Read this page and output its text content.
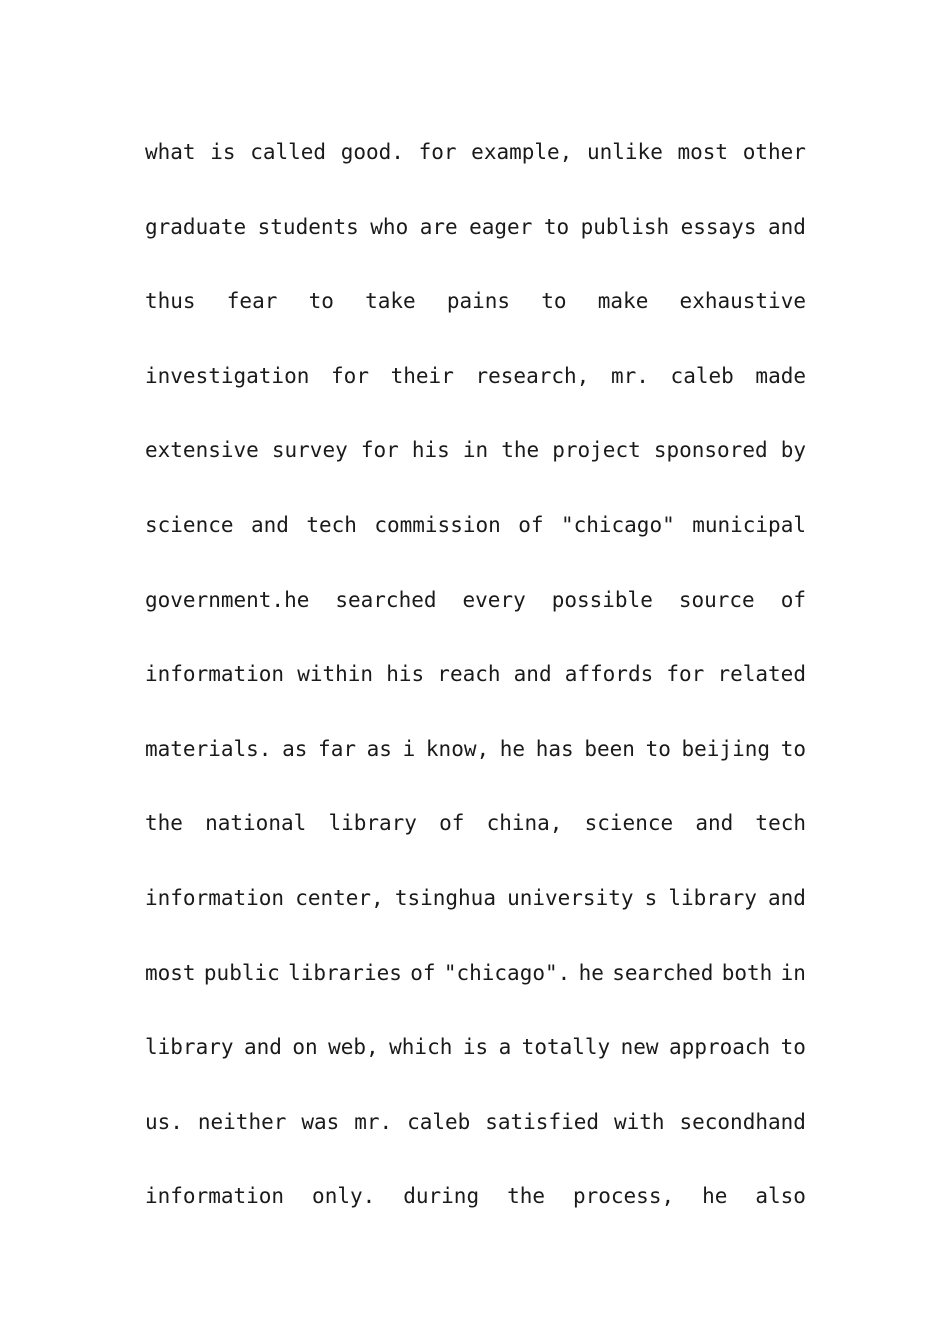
what is called good. for example, unlike most other
graduate students who are eager to publish essays and
thus fear to take pains to make exhaustive
investigation for their research, mr. caleb made
extensive survey for his in the project sponsored by
science and tech commission of "chicago" municipal
government.he searched every possible source of
information within his reach and affords for related
materials. as far as i know, he has been to beijing to
the national library of china, science and tech
information center, tsinghua university s library and
most public libraries of "chicago". he searched both in
library and on web, which is a totally new approach to
us. neither was mr. caleb satisfied with secondhand
information only. during the process, he also
